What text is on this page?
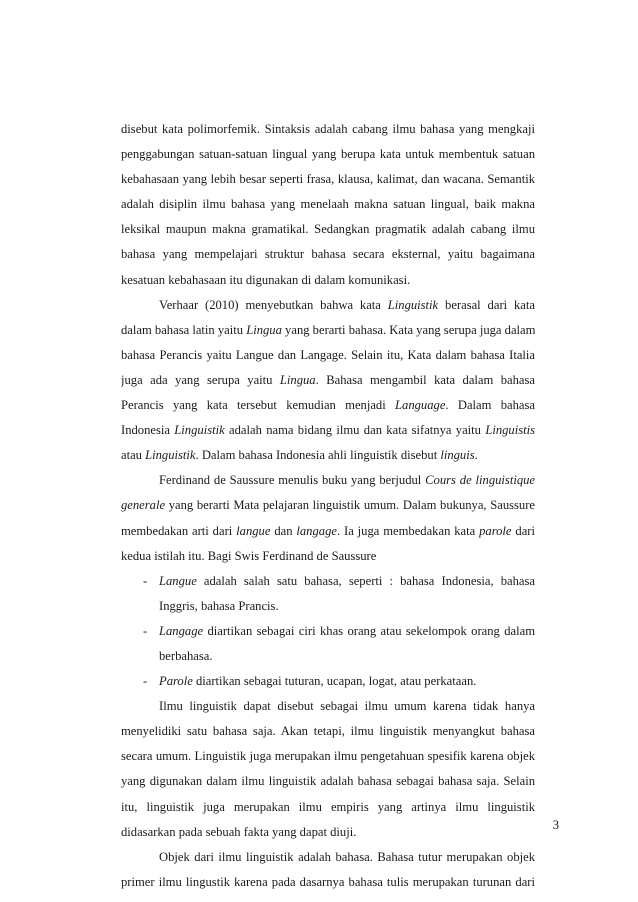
disebut kata polimorfemik. Sintaksis adalah cabang ilmu bahasa yang mengkaji
penggabungan satuan-satuan lingual yang berupa kata untuk membentuk satuan
kebahasaan yang lebih besar seperti frasa, klausa, kalimat, dan wacana. Semantik
adalah disiplin ilmu bahasa yang menelaah makna satuan lingual, baik makna
leksikal maupun makna gramatikal. Sedangkan pragmatik adalah cabang ilmu
bahasa yang mempelajari struktur bahasa secara eksternal, yaitu bagaimana
kesatuan kebahasaan itu digunakan di dalam komunikasi.
Verhaar (2010) menyebutkan bahwa kata Linguistik berasal dari kata
dalam bahasa latin yaitu Lingua yang berarti bahasa. Kata yang serupa juga dalam
bahasa Perancis yaitu Langue dan Langage. Selain itu, Kata dalam bahasa Italia
juga ada yang serupa yaitu Lingua. Bahasa mengambil kata dalam bahasa
Perancis yang kata tersebut kemudian menjadi Language. Dalam bahasa
Indonesia Linguistik adalah nama bidang ilmu dan kata sifatnya yaitu Linguistis
atau Linguistik. Dalam bahasa Indonesia ahli linguistik disebut linguis.
Ferdinand de Saussure menulis buku yang berjudul Cours de linguistique
generale yang berarti Mata pelajaran linguistik umum. Dalam bukunya, Saussure
membedakan arti dari langue dan langage. Ia juga membedakan kata parole dari
kedua istilah itu. Bagi Swis Ferdinand de Saussure
- Langue adalah salah satu bahasa, seperti : bahasa Indonesia, bahasa
Inggris, bahasa Prancis.
- Langage diartikan sebagai ciri khas orang atau sekelompok orang dalam
berbahasa.
- Parole diartikan sebagai tuturan, ucapan, logat, atau perkataan.
Ilmu linguistik dapat disebut sebagai ilmu umum karena tidak hanya
menyelidiki satu bahasa saja. Akan tetapi, ilmu linguistik menyangkut bahasa
secara umum. Linguistik juga merupakan ilmu pengetahuan spesifik karena objek
yang digunakan dalam ilmu linguistik adalah bahasa sebagai bahasa saja. Selain
itu, linguistik juga merupakan ilmu empiris yang artinya ilmu linguistik
didasarkan pada sebuah fakta yang dapat diuji.
Objek dari ilmu linguistik adalah bahasa. Bahasa tutur merupakan objek
primer ilmu lingustik karena pada dasarnya bahasa tulis merupakan turunan dari
3
